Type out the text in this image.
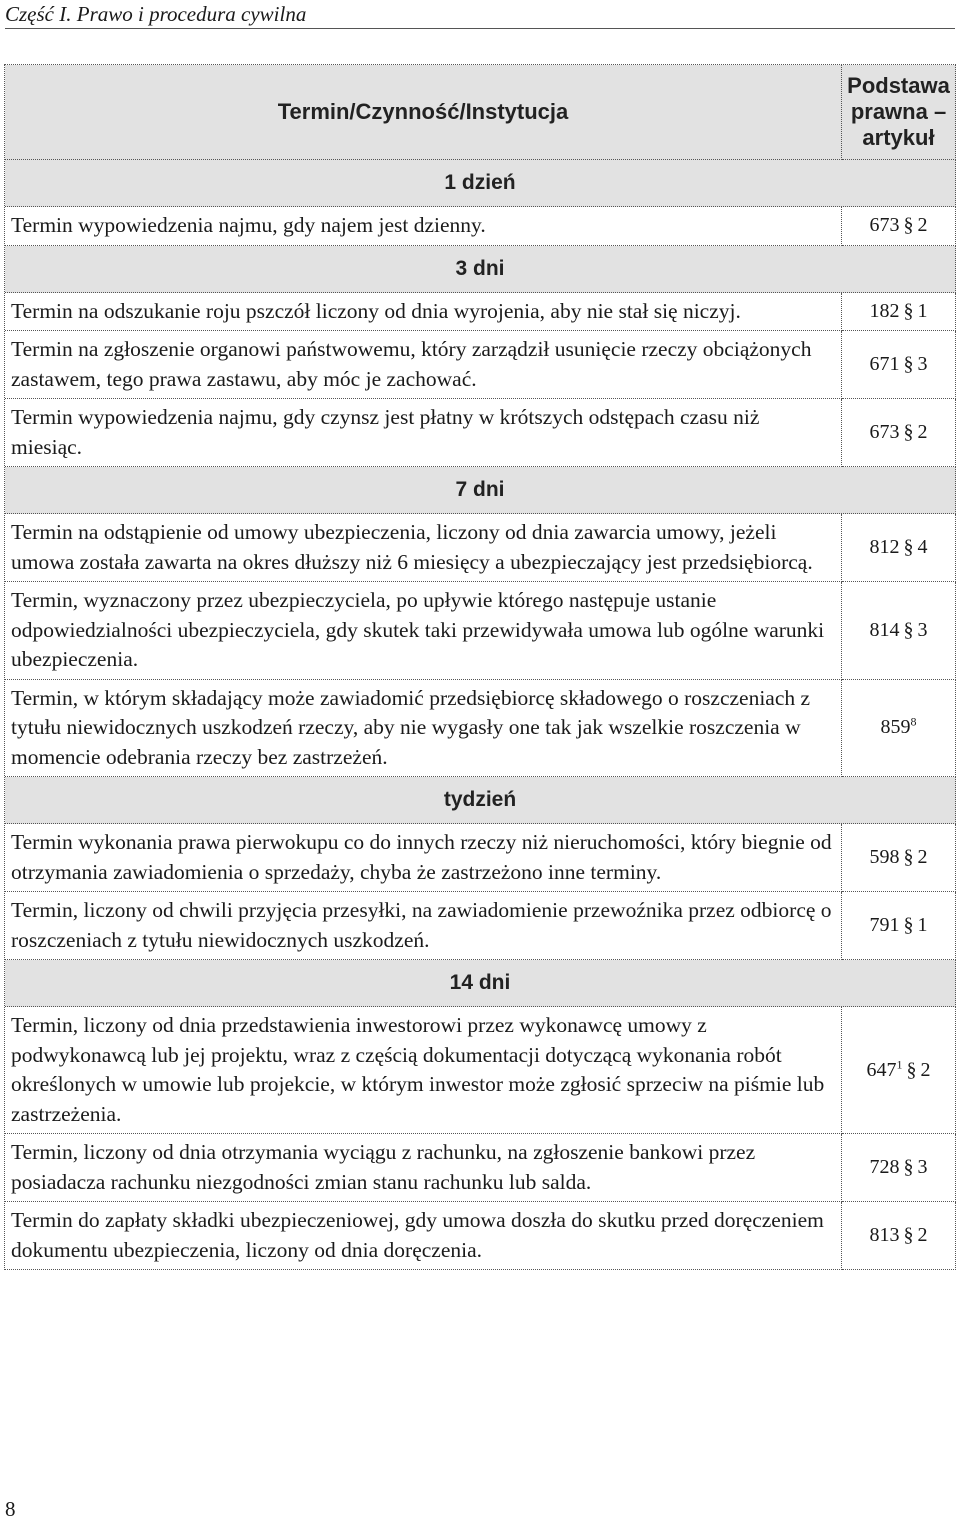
Część I. Prawo i procedura cywilna
Termin/Czynność/Instytucja	Podstawa prawna – artykuł
1 dzień	
Termin wypowiedzenia najmu, gdy najem jest dzienny.	673 § 2
3 dni	
Termin na odszukanie roju pszczół liczony od dnia wyrojenia, aby nie stał się niczyj.	182 § 1
Termin na zgłoszenie organowi państwowemu, który zarządził usunięcie rzeczy obciążonych zastawem, tego prawa zastawu, aby móc je zachować.	671 § 3
Termin wypowiedzenia najmu, gdy czynsz jest płatny w krótszych odstępach czasu niż miesiąc.	673 § 2
7 dni	
Termin na odstąpienie od umowy ubezpieczenia, liczony od dnia zawarcia umowy, jeżeli umowa została zawarta na okres dłuższy niż 6 miesięcy a ubezpieczający jest przedsiębiorcą.	812 § 4
Termin, wyznaczony przez ubezpieczyciela, po upływie którego następuje ustanie odpowiedzialności ubezpieczyciela, gdy skutek taki przewidywała umowa lub ogólne warunki ubezpieczenia.	814 § 3
Termin, w którym składający może zawiadomić przedsiębiorcę składowego o roszczeniach z tytułu niewidocznych uszkodzeń rzeczy, aby nie wygasły one tak jak wszelkie roszczenia w momencie odebrania rzeczy bez zastrzeżeń.	$859^8$
tydzień	
Termin wykonania prawa pierwokupu co do innych rzeczy niż nieruchomości, który biegnie od otrzymania zawiadomienia o sprzedaży, chyba że zastrzeżono inne terminy.	598 § 2
Termin, liczony od chwili przyjęcia przesyłki, na zawiadomienie przewoźnika przez odbiorcę o roszczeniach z tytułu niewidocznych uszkodzeń.	791 § 1
14 dni	
Termin, liczony od dnia przedstawienia inwestorowi przez wykonawcę umowy z podwykonawcą lub jej projektu, wraz z częścią dokumentacji dotyczącą wykonania robót określonych w umowie lub projekcie, w którym inwestor może zgłosić sprzeciw na piśmie lub zastrzeżenia.	$647^1$ § 2
Termin, liczony od dnia otrzymania wyciągu z rachunku, na zgłoszenie bankowi przez posiadacza rachunku niezgodności zmian stanu rachunku lub salda.	728 § 3
Termin do zapłaty składki ubezpieczeniowej, gdy umowa doszła do skutku przed doręczeniem dokumentu ubezpieczenia, liczony od dnia doręczenia.	813 § 2
8
